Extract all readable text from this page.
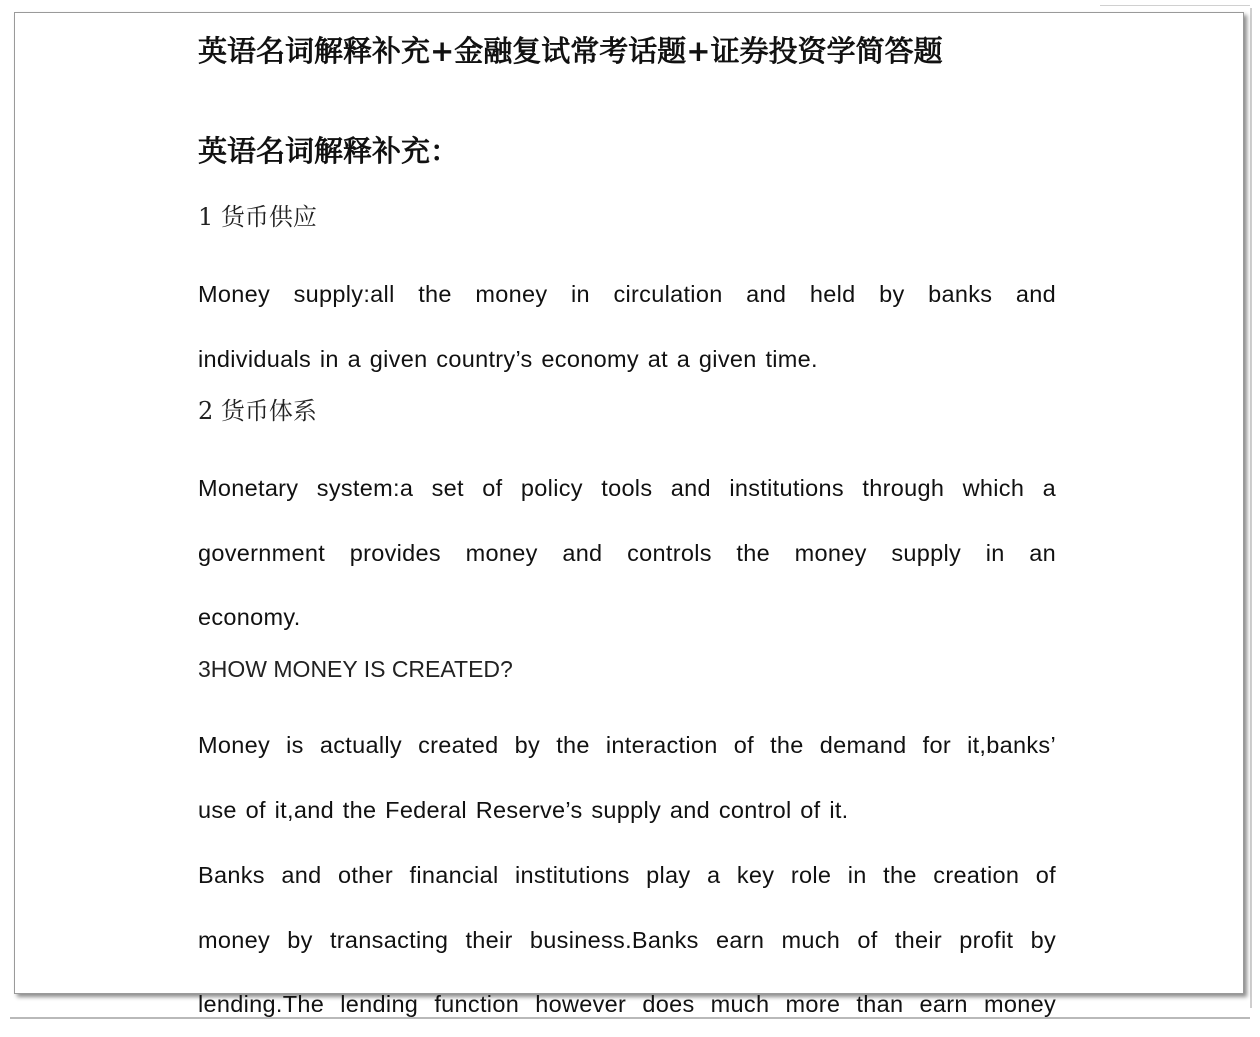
英语名词解释补充+金融复试常考话题+证券投资学简答题
英语名词解释补充：
1 货币供应

Money supply:all the money in circulation and held by banks and
individuals in a given country’s economy at a given time.

2 货币体系

Monetary system:a set of policy tools and institutions through which a
government provides money and controls the money supply in an
economy.

3HOW MONEY IS CREATED?

Money is actually created by the interaction of the demand for it,banks’
use of it,and the Federal Reserve’s supply and control of it.

Banks and other financial institutions play a key role in the creation of
money by transacting their business.Banks earn much of their profit by
lending.The lending function however does much more than earn money
